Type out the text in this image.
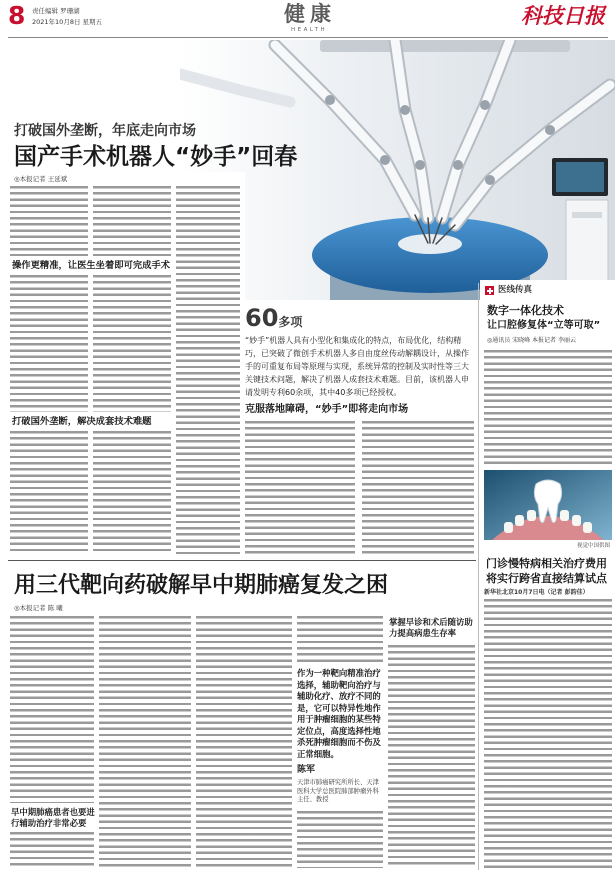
8 责任编辑 罗珊湖
2021年10月8日 星期五	健康
HEALTH
科技日报
打破国外垄断，年底走向市场
国产手术机器人“妙手”回春
◎本报记者 王延斌
操作更精准，让医生坐着即可完成手术
打破国外垄断，解决成套技术难题
60多项
“妙手”机器人具有小型化和集成化的特点，布局优化，结构精巧，已突破了微创手术机器人多自由度丝传动解耦设计，从操作手的可重复布局等原理与实现，系统异常的控制及实时性等三大关键技术问题，解决了机器人成套技术难题。目前，该机器人申请发明专利60余项，其中40多项已经授权。
克服落地障碍，“妙手”即将走向市场
医线传真
数字一体化技术
让口腔修复体“立等可取”
◎通讯员 宋晓峰 本报记者 李丽云
视觉中国供图
门诊慢特病相关治疗费用
将实行跨省直接结算试点
新华社北京10月7日电（记者 彭韵佳）
用三代靶向药破解早中期肺癌复发之困
◎本报记者 陈 曦
早中期肺癌患者也要进
行辅助治疗非常必要
作为一种靶向精准治疗选择，辅助靶向治疗与辅助化疗、放疗不同的是，它可以特异性地作用于肿瘤细胞的某些特定位点，高度选择性地杀死肿瘤细胞而不伤及正常细胞。
陈军
天津市肺癌研究所所长、天津医科大学总医院肺部肿瘤外科主任、教授
掌握早诊和术后随访助
力提高病患生存率
